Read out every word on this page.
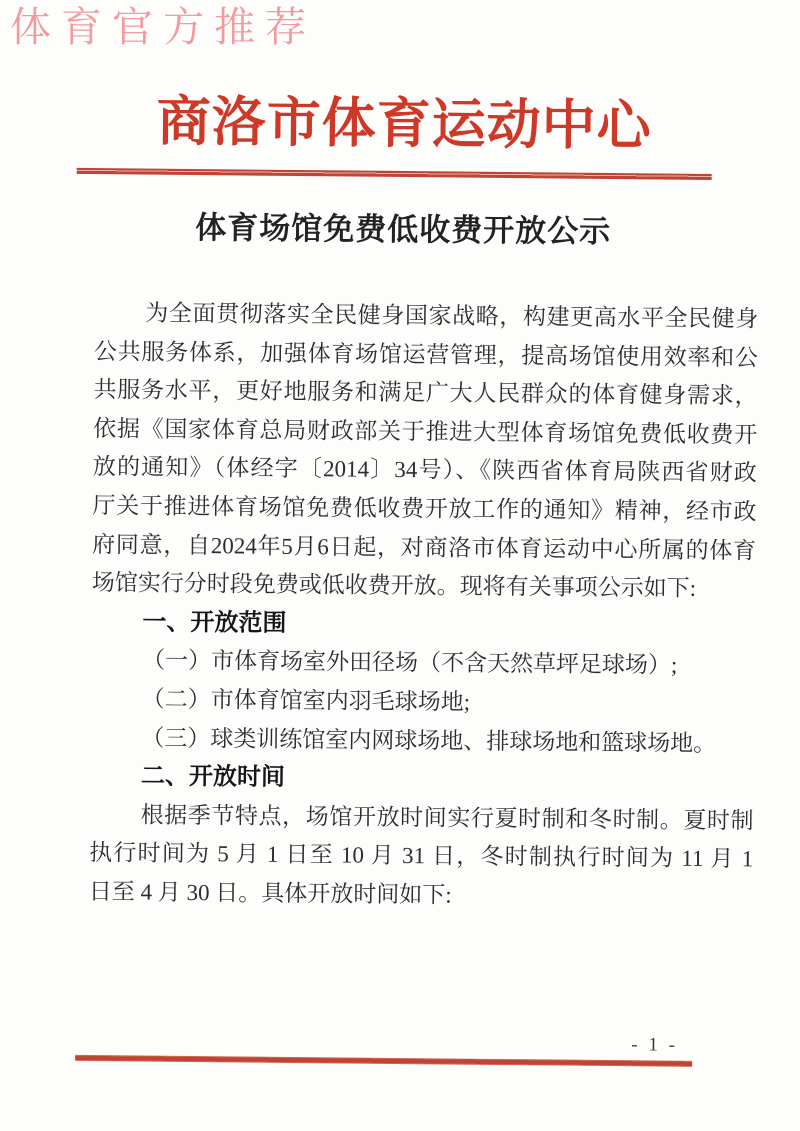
体育官方推荐
商洛市体育运动中心
体育场馆免费低收费开放公示
为全面贯彻落实全民健身国家战略，构建更高水平全民健身
公共服务体系，加强体育场馆运营管理，提高场馆使用效率和公
共服务水平，更好地服务和满足广大人民群众的体育健身需求，
依据《国家体育总局财政部关于推进大型体育场馆免费低收费开
放的通知》（体经字〔2014〕34号）、《陕西省体育局陕西省财政
厅关于推进体育场馆免费低收费开放工作的通知》精神，经市政
府同意，自2024年5月6日起，对商洛市体育运动中心所属的体育
场馆实行分时段免费或低收费开放。现将有关事项公示如下:
一、开放范围
（一）市体育场室外田径场（不含天然草坪足球场）;
（二）市体育馆室内羽毛球场地;
（三）球类训练馆室内网球场地、排球场地和篮球场地。
二、开放时间
根据季节特点，场馆开放时间实行夏时制和冬时制。夏时制
执行时间为 5 月 1 日至 10 月 31 日，冬时制执行时间为 11 月 1
日至 4 月 30 日。具体开放时间如下:
- 1 -
